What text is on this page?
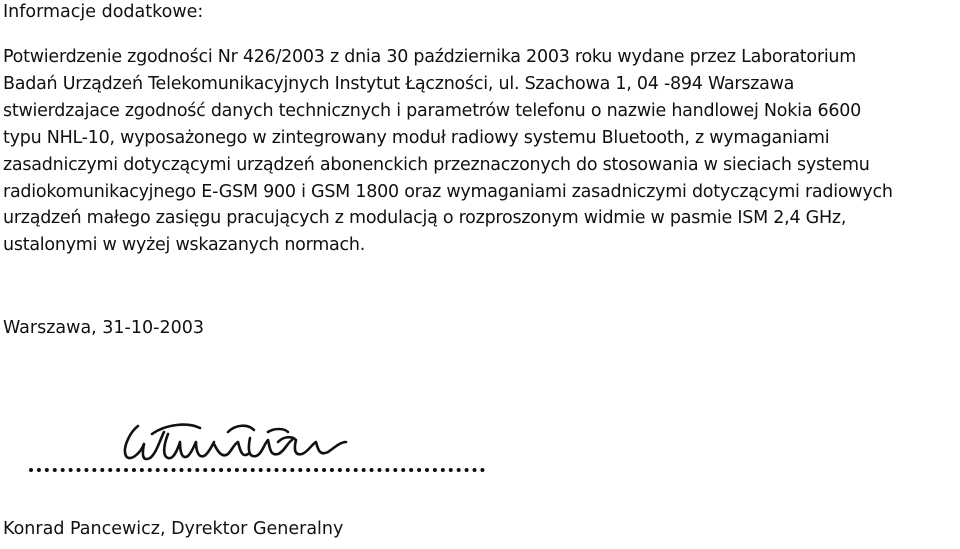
Informacje dodatkowe:
Potwierdzenie zgodności Nr 426/2003 z dnia 30 października 2003 roku wydane przez Laboratorium
Badań Urządzeń Telekomunikacyjnych Instytut Łączności, ul. Szachowa 1, 04 -894 Warszawa
stwierdzajace zgodność danych technicznych i parametrów telefonu o nazwie handlowej Nokia 6600
typu NHL-10, wyposażonego w zintegrowany moduł radiowy systemu Bluetooth, z wymaganiami
zasadniczymi dotyczącymi urządzeń abonenckich przeznaczonych do stosowania w sieciach systemu
radiokomunikacyjnego E-GSM 900 i GSM 1800 oraz wymaganiami zasadniczymi dotyczącymi radiowych
urządzeń małego zasięgu pracujących z modulacją o rozproszonym widmie w pasmie ISM 2,4 GHz,
ustalonymi w wyżej wskazanych normach.

Warszawa, 31-10-2003

Konrad Pancewicz, Dyrektor Generalny
